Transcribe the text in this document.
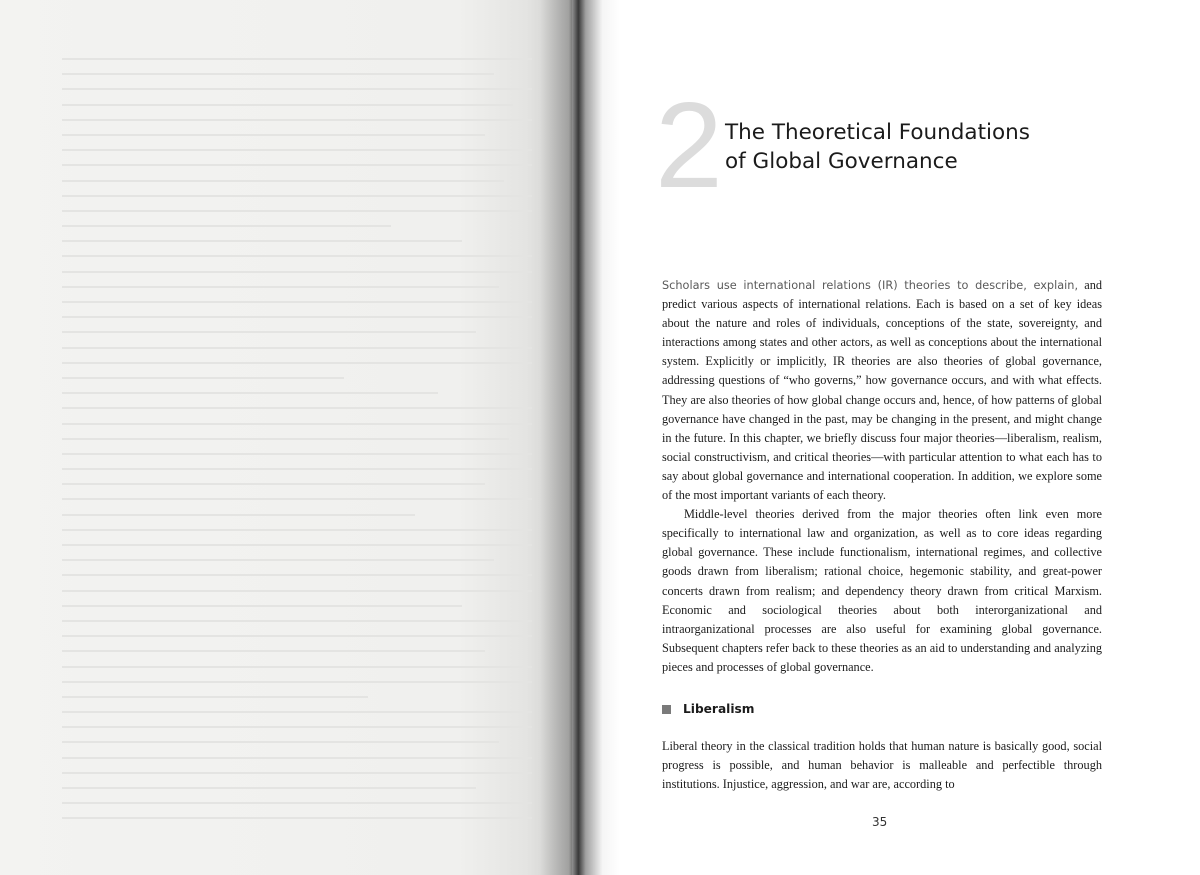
2 The Theoretical Foundations
of Global Governance

Scholars use international relations (IR) theories to describe, explain, and predict various aspects of international relations. Each is based on a set of key ideas about the nature and roles of individuals, conceptions of the state, sovereignty, and interactions among states and other actors, as well as conceptions about the international system. Explicitly or implicitly, IR theories are also theories of global governance, addressing questions of “who governs,” how governance occurs, and with what effects. They are also theories of how global change occurs and, hence, of how patterns of global governance have changed in the past, may be changing in the present, and might change in the future. In this chapter, we briefly discuss four major theories—liberalism, realism, social constructivism, and critical theories—with particular attention to what each has to say about global governance and international cooperation. In addition, we explore some of the most important variants of each theory.

Middle-level theories derived from the major theories often link even more specifically to international law and organization, as well as to core ideas regarding global governance. These include functionalism, international regimes, and collective goods drawn from liberalism; rational choice, hegemonic stability, and great-power concerts drawn from realism; and dependency theory drawn from critical Marxism. Economic and sociological theories about both interorganizational and intraorganizational processes are also useful for examining global governance. Subsequent chapters refer back to these theories as an aid to understanding and analyzing pieces and processes of global governance.

Liberalism

Liberal theory in the classical tradition holds that human nature is basically good, social progress is possible, and human behavior is malleable and perfectible through institutions. Injustice, aggression, and war are, according to

35
